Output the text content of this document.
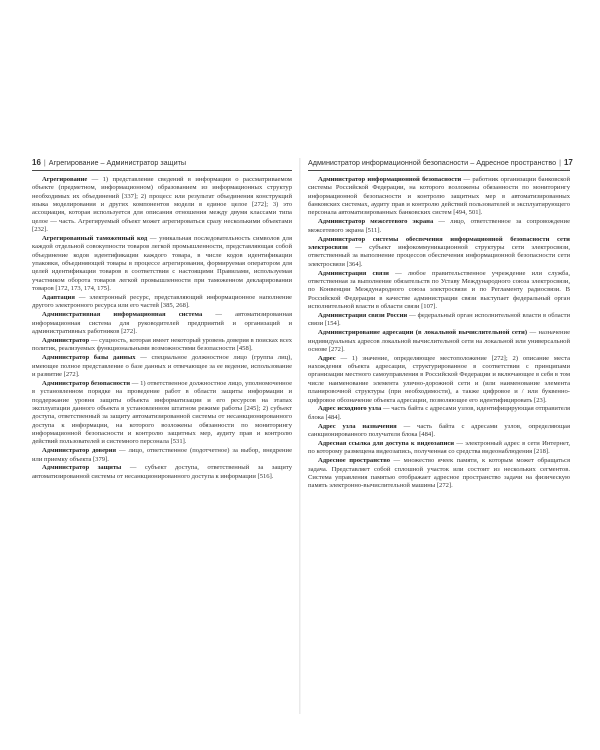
16 | Агрегирование – Администратор защиты

Агрегирование — 1) представление сведений в информации о рассматриваемом объекте (предметном, информационном) образованием из информационных структур необходимых их объединений [337]; 2) процесс или результат объединения конструкций языка моделирования и других компонентов модели в единое целое [272]; 3) это ассоциация, которая используется для описания отношения между двумя классами типа целое — часть. Агрегируемый объект может агрегироваться сразу несколькими объектами [232].

Агрегированный таможенный код — уникальная последовательность символов для каждой отдельной совокупности товаров легкой промышленности, представляющая собой объединение кодов идентификации каждого товара, в числе кодов идентификации упаковки, объединяющей товары в процессе агрегирования, формируемая оператором для целей идентификации товаров в соответствии с настоящими Правилами, используемая участником оборота товаров легкой промышленности при таможенном декларировании товаров [172, 173, 174, 175].

Адаптация — электронный ресурс, представляющий информационное наполнение другого электронного ресурса или его частей [385, 268].

Административная информационная система — автоматизированная информационная система для руководителей предприятий и организаций и административных работников [272].

Администратор — сущность, которая имеет некоторый уровень доверия в поисках всех политик, реализуемых функциональными возможностями безопасности [458].

Администратор базы данных — специальное должностное лицо (группа лиц), имеющее полное представление о базе данных и отвечающее за ее ведение, использование и развитие [272].

Администратор безопасности — 1) ответственное должностное лицо, уполномоченное в установленном порядке на проведение работ в области защиты информации и поддержание уровня защиты объекта информатизации и его ресурсов на этапах эксплуатации данного объекта в установленном штатном режиме работы [245]; 2) субъект доступа, ответственный за защиту автоматизированной системы от несанкционированного доступа к информации, на которого возложены обязанности по мониторингу информационной безопасности и контролю защитных мер, аудиту прав и контролю действий пользователей и системного персонала [531].

Администратор доверия — лицо, ответственное (подотчетное) за выбор, внедрение или приемку объекта [379].

Администратор защиты — субъект доступа, ответственный за защиту автоматизированной системы от несанкционированного доступа к информации [516].

Администратор информационной безопасности – Адресное пространство | 17

Администратор информационной безопасности — работник организации банковской системы Российской Федерации, на которого возложены обязанности по мониторингу информационной безопасности и контролю защитных мер в автоматизированных банковских системах, аудиту прав и контролю действий пользователей и эксплуатирующего персонала автоматизированных банковских систем [494, 501].

Администратор межсетевого экрана — лицо, ответственное за сопровождение межсетевого экрана [511].

Администратор системы обеспечения информационной безопасности сети электросвязи — субъект инфокоммуникационной структуры сети электросвязи, ответственный за выполнение процессов обеспечения информационной безопасности сети электросвязи [364].

Администрация связи — любое правительственное учреждение или служба, ответственная за выполнение обязательств по Уставу Международного союза электросвязи, по Конвенции Международного союза электросвязи и по Регламенту радиосвязи. В Российской Федерации в качестве администрации связи выступает федеральный орган исполнительной власти в области связи [107].

Администрация связи России — федеральный орган исполнительной власти в области связи [154].

Администрирование адресации (в локальной вычислительной сети) — назначение индивидуальных адресов локальной вычислительной сети на локальной или универсальной основе [272].

Адрес — 1) значение, определяющее местоположение [272]; 2) описание места нахождения объекта адресации, структурированное в соответствии с принципами организации местного самоуправления в Российской Федерации и включающее в себя в том числе наименование элемента улично-дорожной сети и (или наименование элемента планировочной структуры (при необходимости), а также цифровое и / или буквенно-цифровое обозначение объекта адресации, позволяющее его идентифицировать [23].

Адрес исходного узла — часть байта с адресами узлов, идентифицирующая отправителя блока [484].

Адрес узла назначения — часть байта с адресами узлов, определяющая санкционированного получателя блока [484].

Адресная ссылка для доступа к видеозаписи — электронный адрес в сети Интернет, по которому размещена видеозапись, полученная со средства видеонаблюдения [218].

Адресное пространство — множество ячеек памяти, к которым может обращаться задача. Представляет собой сплошной участок или состоит из нескольких сегментов. Система управления памятью отображает адресное пространство задачи на физическую память электронно-вычислительной машины [272].
